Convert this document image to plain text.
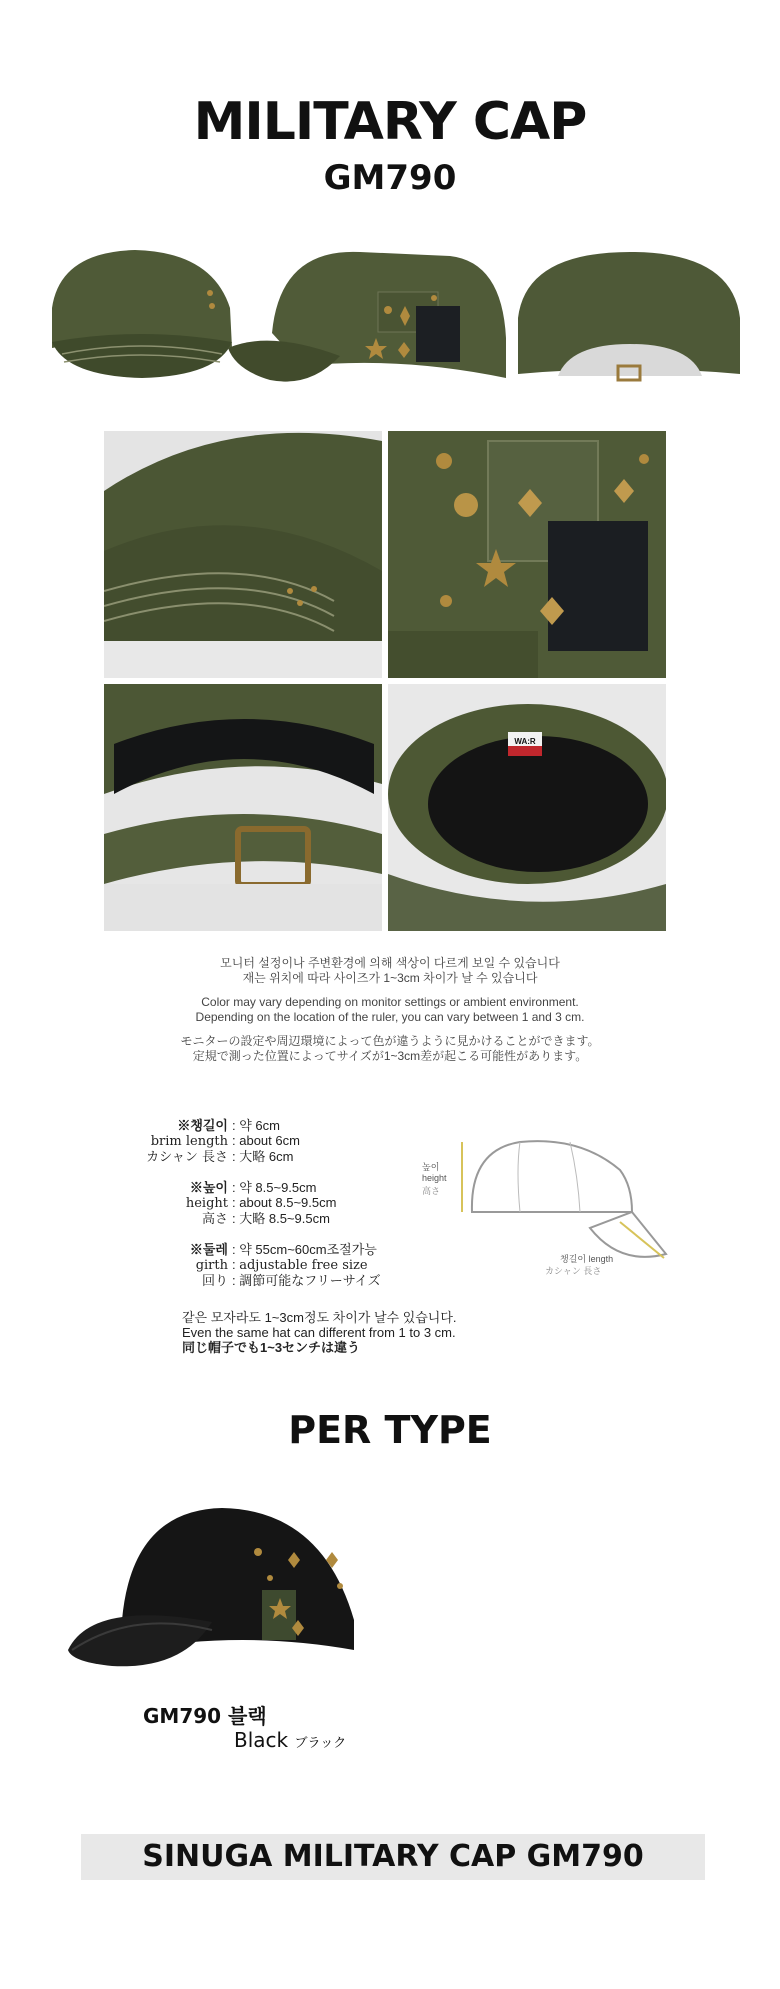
MILITARY CAP
GM790
WA:R
모니터 설정이나 주변환경에 의해 색상이 다르게 보일 수 있습니다
재는 위치에 따라 사이즈가 1~3cm 차이가 날 수 있습니다
Color may vary depending on monitor settings or ambient environment.
Depending on the location of the ruler, you can vary between 1 and 3 cm.
モニターの設定や周辺環境によって色が違うように見かけることができます。
定規で測った位置によってサイズが1~3cm差が起こる可能性があります。
※챙길이 : 약 6cm
brim length : about 6cm
カシャン 長さ : 大略 6cm
※높이 : 약 8.5~9.5cm
height : about 8.5~9.5cm
高さ : 大略 8.5~9.5cm
※둘레 : 약 55cm~60cm조절가능
girth : adjustable free size
回り : 調節可能なフリーサイズ
같은 모자라도 1~3cm정도 차이가 날수 있습니다.
Even the same hat can different from 1 to 3 cm.
同じ帽子でも1~3センチは違う
높이
height
高さ
챙길이 length
カシャン 長さ
PER TYPE
GM790 블랙
Black ブラック
SINUGA MILITARY CAP GM790
